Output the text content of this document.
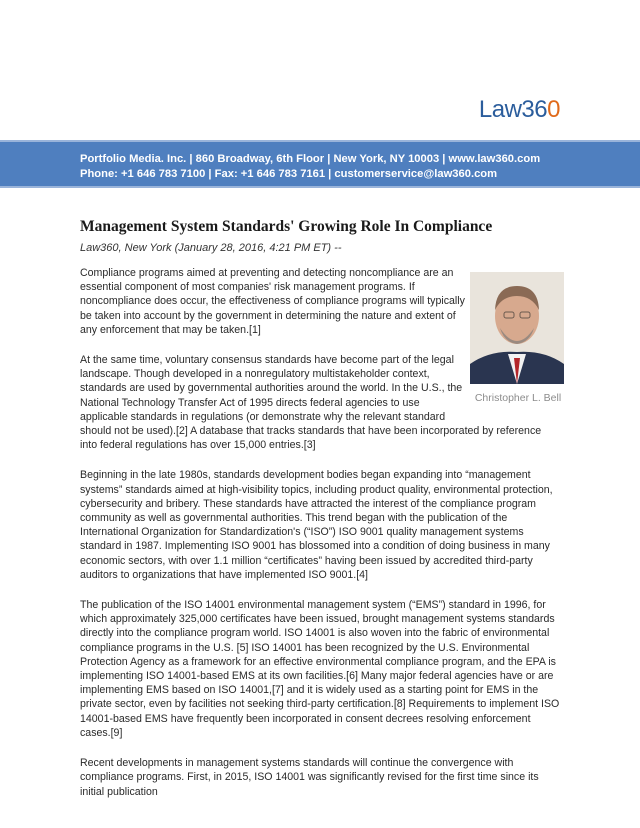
Law360
Portfolio Media. Inc. | 860 Broadway, 6th Floor | New York, NY 10003 | www.law360.com
Phone: +1 646 783 7100 | Fax: +1 646 783 7161 | customerservice@law360.com
Management System Standards' Growing Role In Compliance
Law360, New York (January 28, 2016, 4:21 PM ET) --
Christopher L. Bell

Compliance programs aimed at preventing and detecting noncompliance are an essential component of most companies' risk management programs. If noncompliance does occur, the effectiveness of compliance programs will typically be taken into account by the government in determining the nature and extent of any enforcement that may be taken.[1]

At the same time, voluntary consensus standards have become part of the legal landscape. Though developed in a nonregulatory multistakeholder context, standards are used by governmental authorities around the world. In the U.S., the National Technology Transfer Act of 1995 directs federal agencies to use applicable standards in regulations (or demonstrate why the relevant standard should not be used).[2] A database that tracks standards that have been incorporated by reference into federal regulations has over 15,000 entries.[3]

Beginning in the late 1980s, standards development bodies began expanding into “management systems” standards aimed at high-visibility topics, including product quality, environmental protection, cybersecurity and bribery. These standards have attracted the interest of the compliance program community as well as governmental authorities. This trend began with the publication of the International Organization for Standardization's (“ISO”) ISO 9001 quality management systems standard in 1987. Implementing ISO 9001 has blossomed into a condition of doing business in many economic sectors, with over 1.1 million “certificates” having been issued by accredited third-party auditors to organizations that have implemented ISO 9001.[4]

The publication of the ISO 14001 environmental management system (“EMS”) standard in 1996, for which approximately 325,000 certificates have been issued, brought management systems standards directly into the compliance program world. ISO 14001 is also woven into the fabric of environmental compliance programs in the U.S. [5] ISO 14001 has been recognized by the U.S. Environmental Protection Agency as a framework for an effective environmental compliance program, and the EPA is implementing ISO 14001-based EMS at its own facilities.[6] Many major federal agencies have or are implementing EMS based on ISO 14001,[7] and it is widely used as a starting point for EMS in the private sector, even by facilities not seeking third-party certification.[8] Requirements to implement ISO 14001-based EMS have frequently been incorporated in consent decrees resolving enforcement cases.[9]

Recent developments in management systems standards will continue the convergence with compliance programs. First, in 2015, ISO 14001 was significantly revised for the first time since its initial publication
